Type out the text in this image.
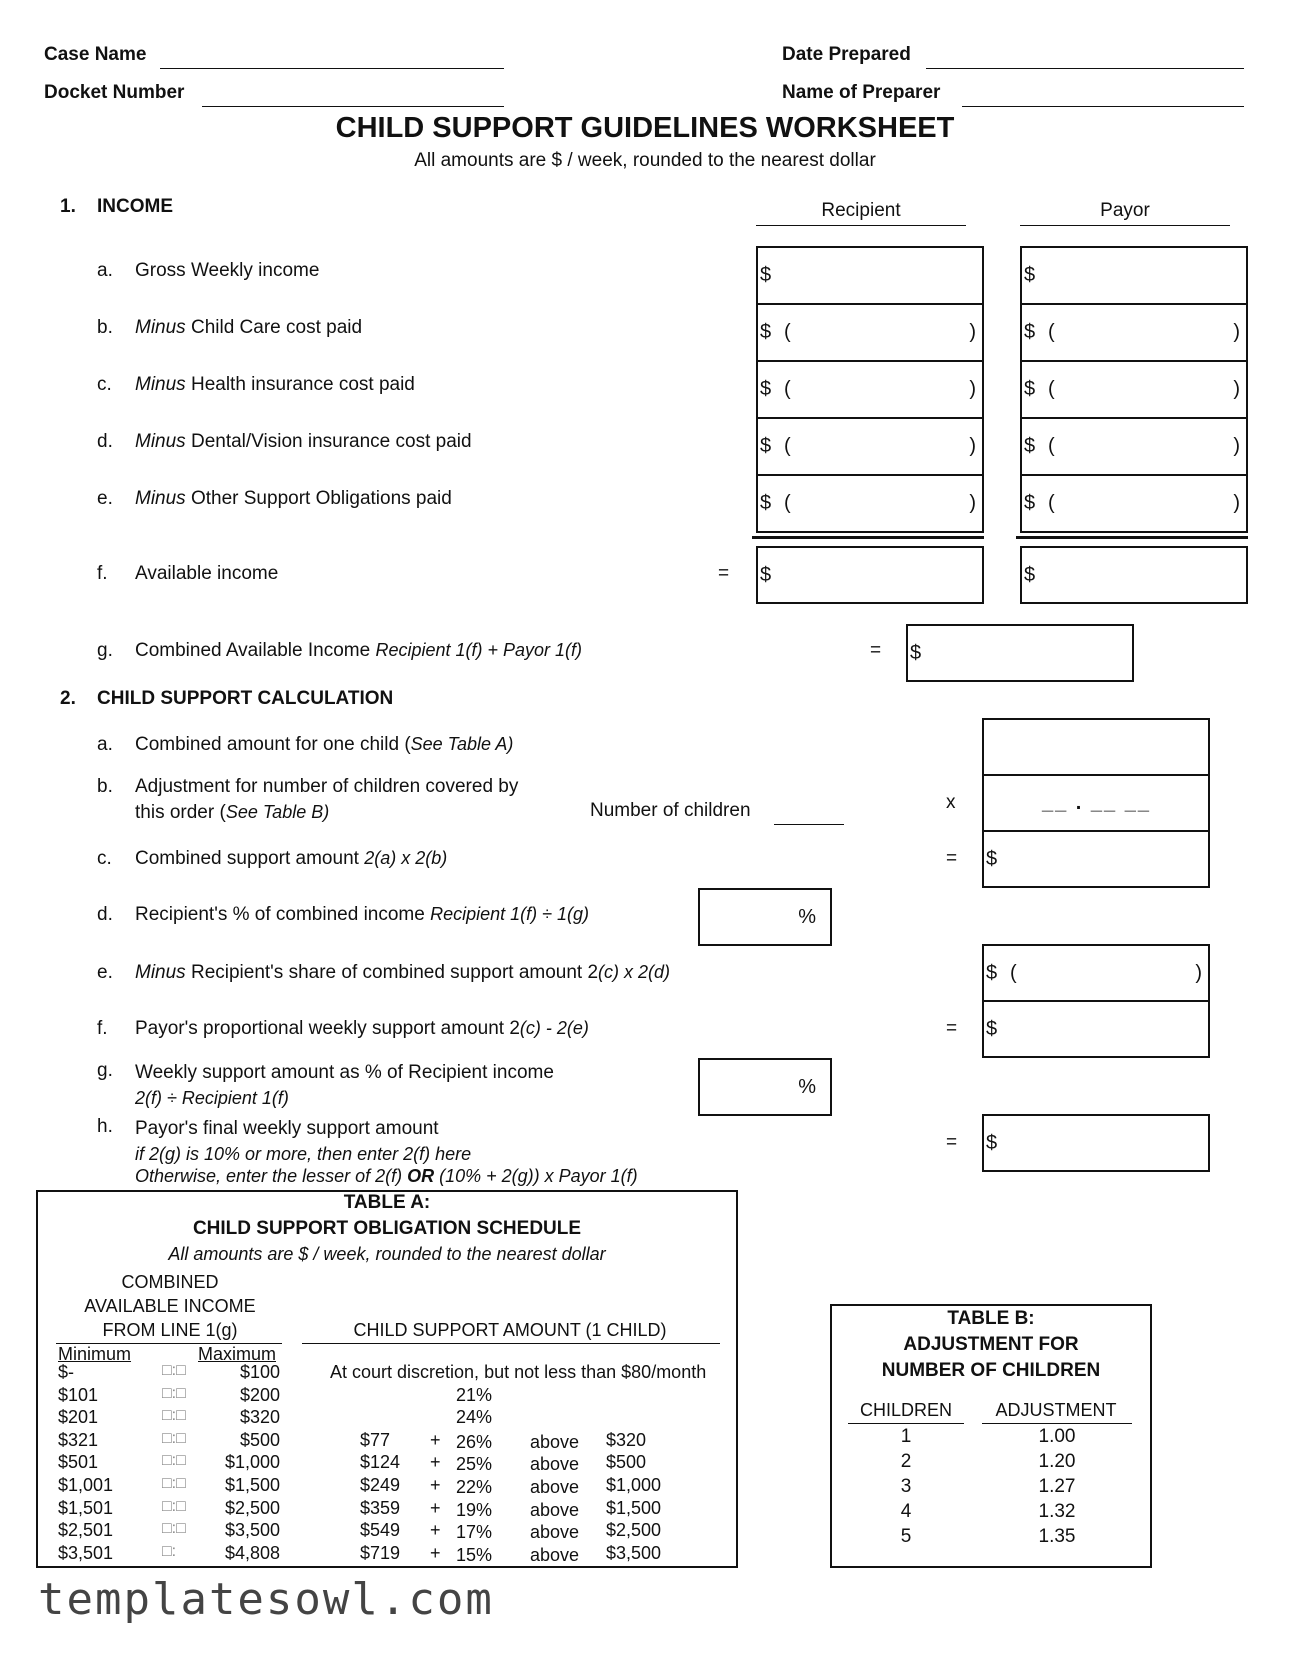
Case Name
Docket Number
Date Prepared
Name of Preparer
CHILD SUPPORT GUIDELINES WORKSHEET
All amounts are $ / week, rounded to the nearest dollar
1. INCOME	Recipient	Payor
a. Gross Weekly income	$	$
b. Minus Child Care cost paid	$ (	) $ (	)
c. Minus Health insurance cost paid	$ (	) $ (	)
d. Minus Dental/Vision insurance cost paid	$ (	) $ (	)
e. Minus Other Support Obligations paid	$ (	) $ (	)
f. Available income	= $	$
g. Combined Available Income Recipient 1(f) + Payor 1(f)	= $
2. CHILD SUPPORT CALCULATION
a. Combined amount for one child (See Table A)
b. Adjustment for number of children covered by
this order (See Table B)	Number of children	x	__ . __ __
c. Combined support amount 2(a) x 2(b)	= $
d. Recipient's % of combined income Recipient 1(f) ÷ 1(g)	%
e. Minus Recipient's share of combined support amount 2(c) x 2(d)	$ (	)
f. Payor's proportional weekly support amount 2(c) - 2(e)	= $
g. Weekly support amount as % of Recipient income
2(f) ÷ Recipient 1(f)	%
h. Payor's final weekly support amount
if 2(g) is 10% or more, then enter 2(f) here
Otherwise, enter the lesser of 2(f) OR (10% + 2(g)) x Payor 1(f)
= $
TABLE A:
CHILD SUPPORT OBLIGATION SCHEDULE
All amounts are $ / week, rounded to the nearest dollar
COMBINED
AVAILABLE INCOME
FROM LINE 1(g)	CHILD SUPPORT AMOUNT (1 CHILD)
Minimum	Maximum
$-	□:□	$100	At court discretion, but not less than $80/month
$101	□:□	$200	21%
$201	□:□	$320	24%
$321	□:□	$500	$77 + 26% above $320
$501	□:□	$1,000	$124 + 25% above $500
$1,001	□:□	$1,500	$249 + 22% above $1,000
$1,501	□:□	$2,500	$359 + 19% above $1,500
$2,501	□:□	$3,500	$549 + 17% above $2,500
$3,501	□:	$4,808	$719 + 15% above $3,500
TABLE B:
ADJUSTMENT FOR
NUMBER OF CHILDREN
CHILDREN	ADJUSTMENT
1	1.00
2	1.20
3	1.27
4	1.32
5	1.35
templatesowl.com
